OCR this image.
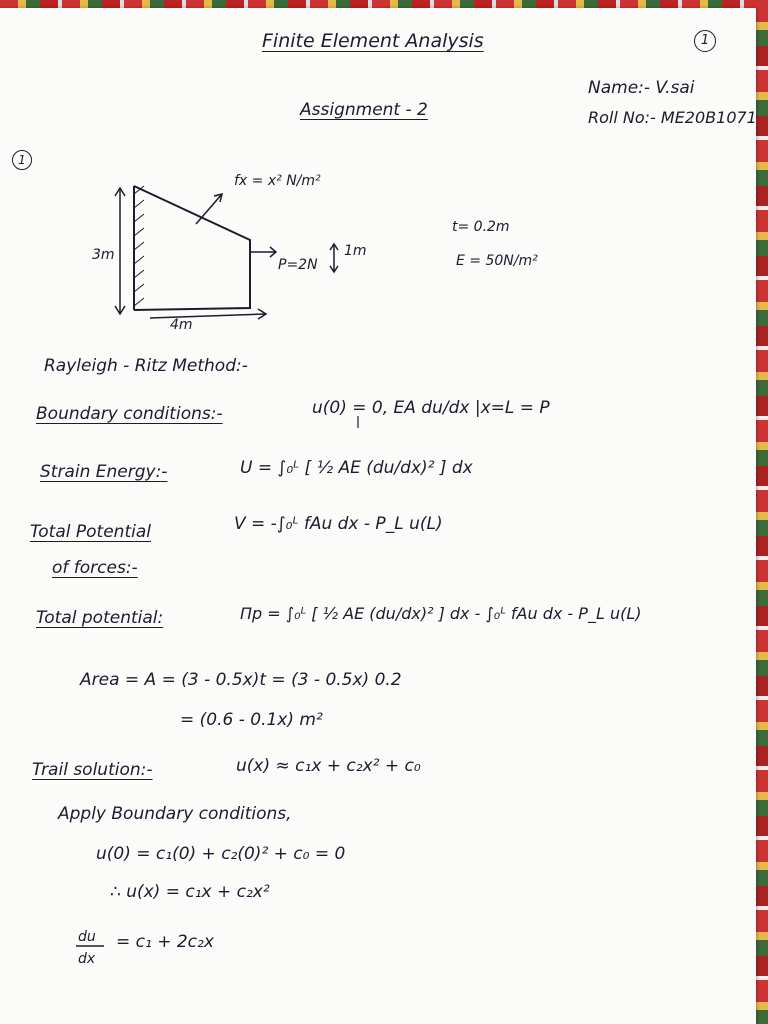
Finite Element Analysis	1
Assignment - 2
Name:- V.sai
Roll No:- ME20B1071
1
fx = x² N/m²
3m
4m
P=2N
1m
t= 0.2m
E = 50N/m²
Rayleigh - Ritz Method:-
Boundary conditions:-	u(0) = 0, EA du/dx |x=L = P
Strain Energy:-	U = ∫₀ᴸ [ ½ AE (du/dx)² ] dx
Total Potential
of forces:-
V = -∫₀ᴸ fAu dx - P_L u(L)
Total potential:	Πp = ∫₀ᴸ [ ½ AE (du/dx)² ] dx - ∫₀ᴸ fAu dx - P_L u(L)
Area = A = (3 - 0.5x)t = (3 - 0.5x) 0.2
= (0.6 - 0.1x) m²
Trail solution:-	u(x) ≈ c₁x + c₂x² + c₀
Apply Boundary conditions,
u(0) = c₁(0) + c₂(0)² + c₀ = 0
∴ u(x) = c₁x + c₂x²
du
dx
= c₁ + 2c₂x
